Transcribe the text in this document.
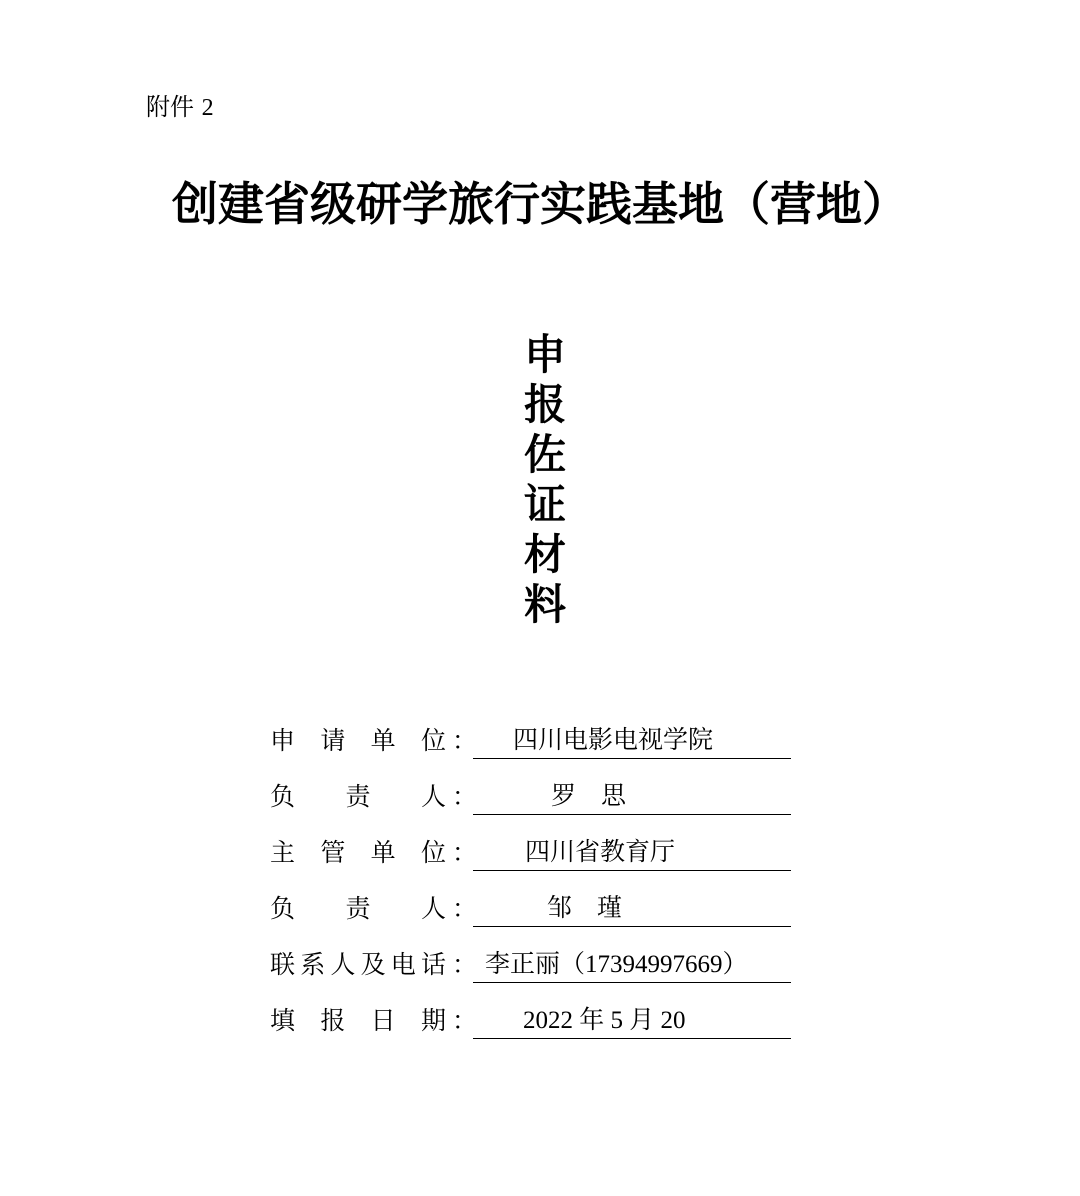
附件 2
创建省级研学旅行实践基地（营地）
申
报
佐
证
材
料
申 请 单 位 ： 四川电影电视学院
负 责 人 ：	罗　思
主 管 单 位 ： 四川省教育厅
负 责 人 ：	邹　瑾
联 系 人 及 电 话 ： 李正丽（17394997669）
填 报 日 期 ： 2022 年 5 月 20
